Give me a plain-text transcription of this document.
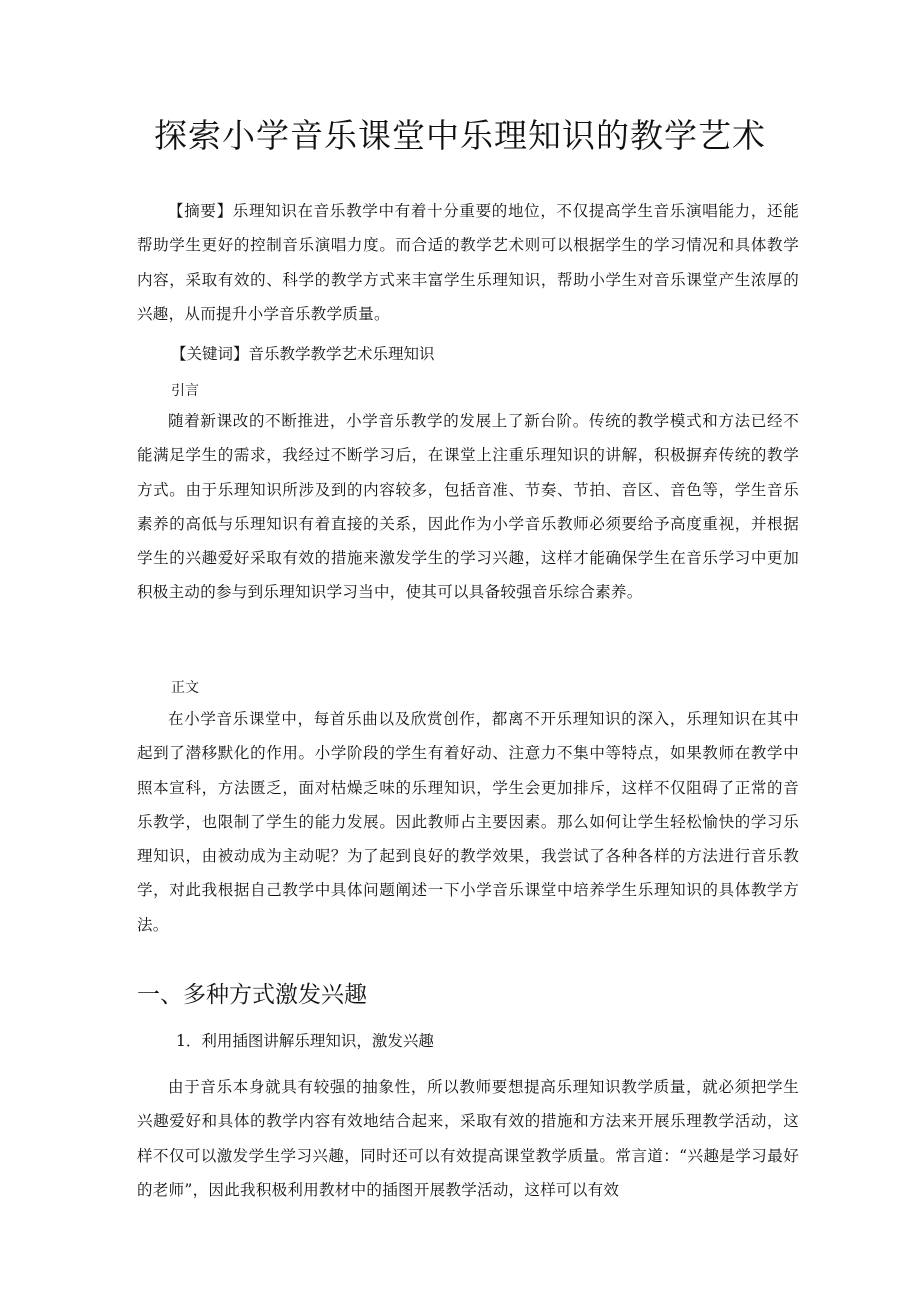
探索小学音乐课堂中乐理知识的教学艺术

【摘要】乐理知识在音乐教学中有着十分重要的地位，不仅提高学生音乐演唱能力，还能帮助学生更好的控制音乐演唱力度。而合适的教学艺术则可以根据学生的学习情况和具体教学内容，采取有效的、科学的教学方式来丰富学生乐理知识，帮助小学生对音乐课堂产生浓厚的兴趣，从而提升小学音乐教学质量。

【关键词】音乐教学教学艺术乐理知识

引言

随着新课改的不断推进，小学音乐教学的发展上了新台阶。传统的教学模式和方法已经不能满足学生的需求，我经过不断学习后，在课堂上注重乐理知识的讲解，积极摒弃传统的教学方式。由于乐理知识所涉及到的内容较多，包括音准、节奏、节拍、音区、音色等，学生音乐素养的高低与乐理知识有着直接的关系，因此作为小学音乐教师必须要给予高度重视，并根据学生的兴趣爱好采取有效的措施来激发学生的学习兴趣，这样才能确保学生在音乐学习中更加积极主动的参与到乐理知识学习当中，使其可以具备较强音乐综合素养。

正文

在小学音乐课堂中，每首乐曲以及欣赏创作，都离不开乐理知识的深入，乐理知识在其中起到了潜移默化的作用。小学阶段的学生有着好动、注意力不集中等特点，如果教师在教学中照本宣科，方法匮乏，面对枯燥乏味的乐理知识，学生会更加排斥，这样不仅阻碍了正常的音乐教学，也限制了学生的能力发展。因此教师占主要因素。那么如何让学生轻松愉快的学习乐理知识，由被动成为主动呢？为了起到良好的教学效果，我尝试了各种各样的方法进行音乐教学，对此我根据自己教学中具体问题阐述一下小学音乐课堂中培养学生乐理知识的具体教学方法。

一、多种方式激发兴趣

1．利用插图讲解乐理知识，激发兴趣

由于音乐本身就具有较强的抽象性，所以教师要想提高乐理知识教学质量，就必须把学生兴趣爱好和具体的教学内容有效地结合起来，采取有效的措施和方法来开展乐理教学活动，这样不仅可以激发学生学习兴趣，同时还可以有效提高课堂教学质量。常言道：“兴趣是学习最好的老师”，因此我积极利用教材中的插图开展教学活动，这样可以有效
